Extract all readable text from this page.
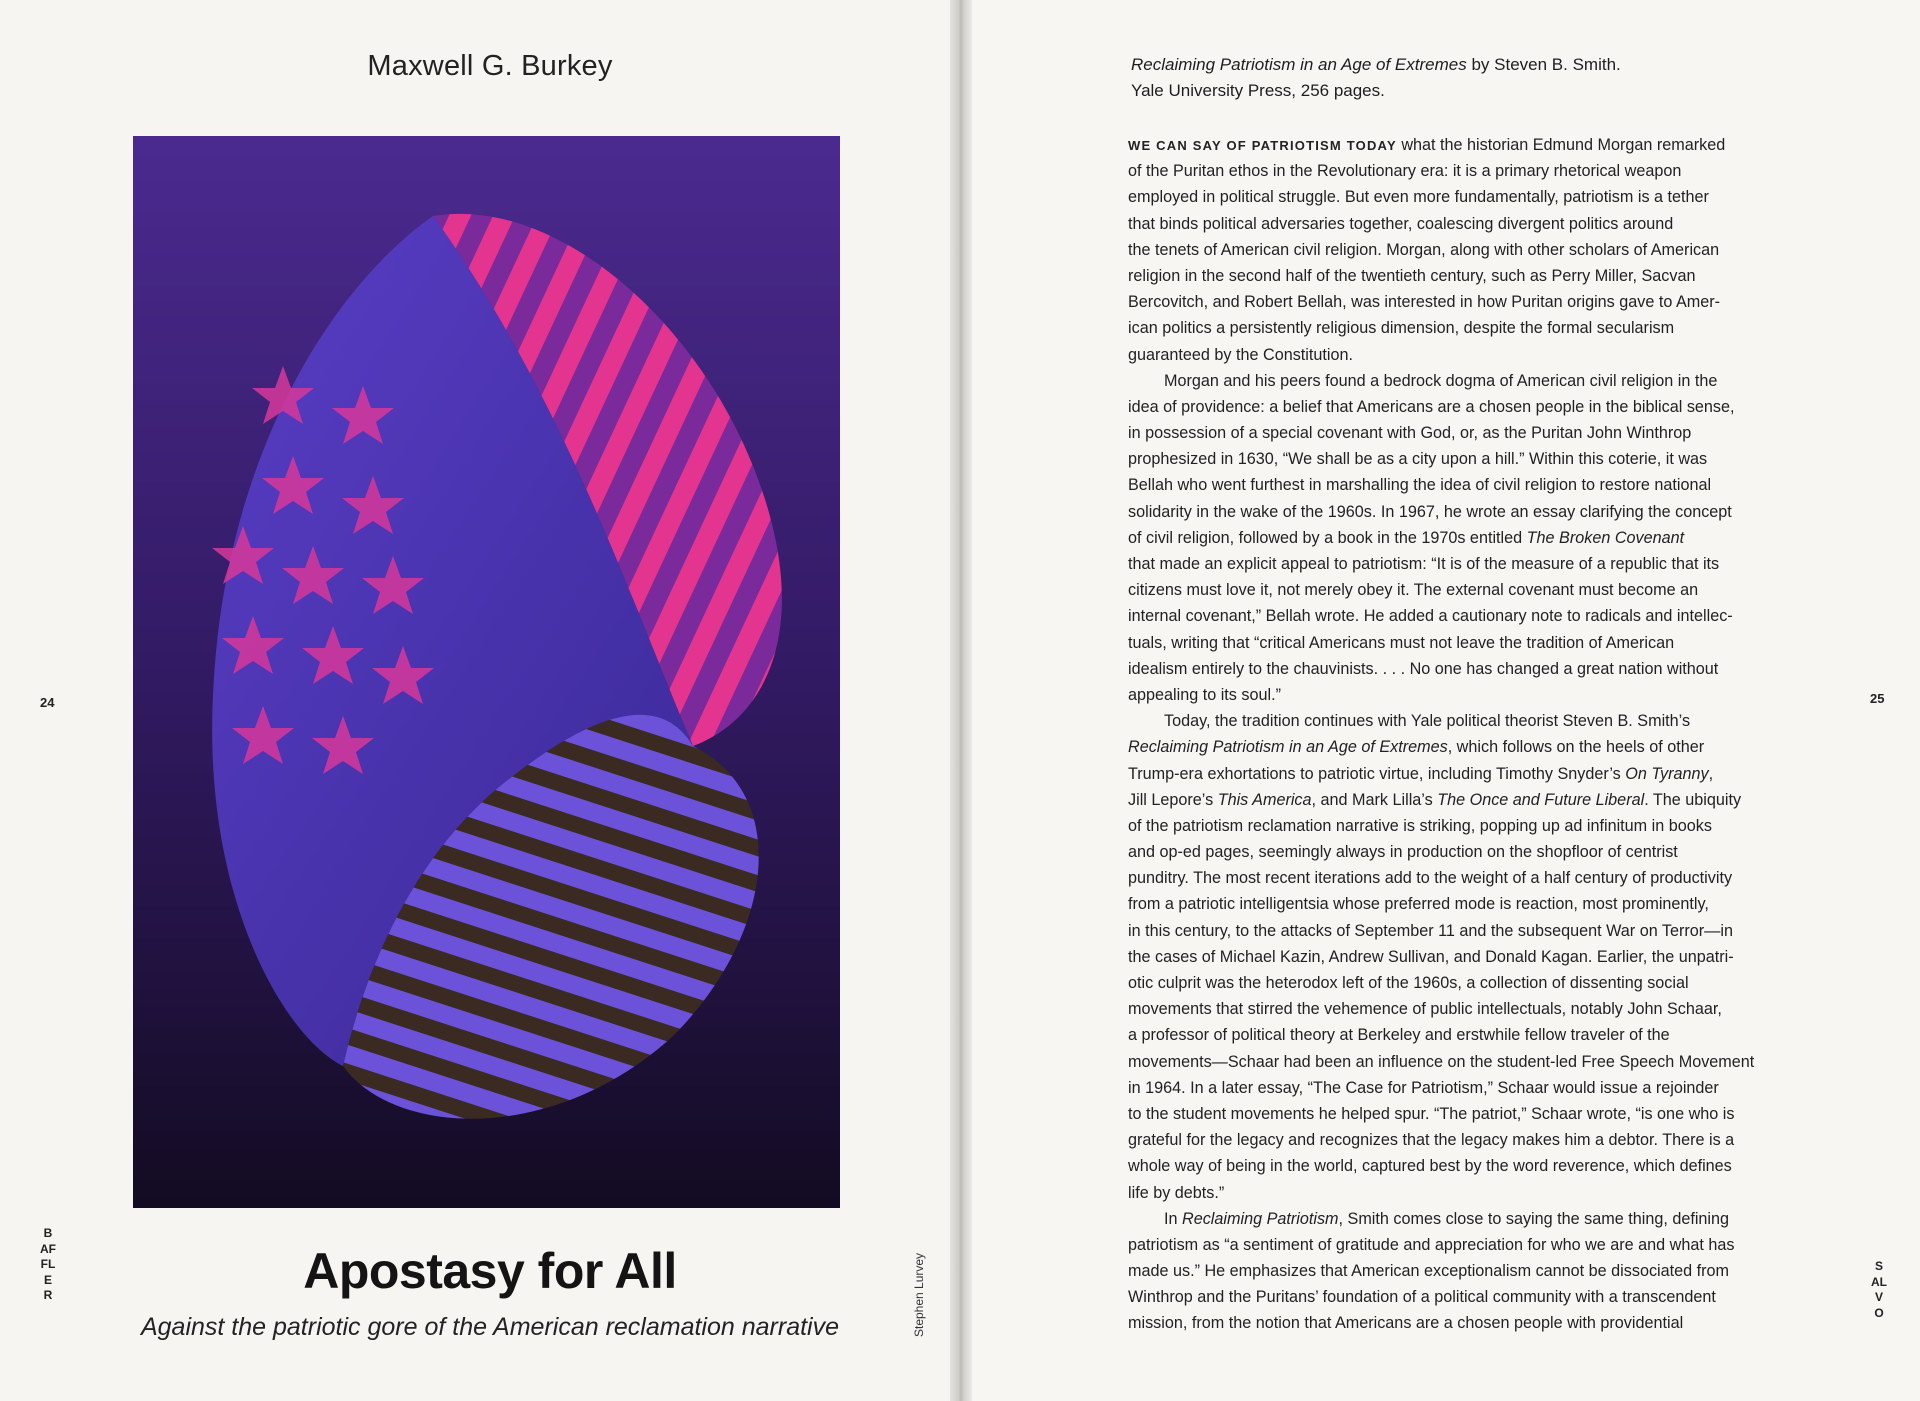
Maxwell G. Burkey
24
BAFFLER	Stephen Lurvey
Apostasy for All
Against the patriotic gore of the American reclamation narrative
Reclaiming Patriotism in an Age of Extremes by Steven B. Smith.
Yale University Press, 256 pages.
WE CAN SAY OF PATRIOTISM TODAY what the historian Edmund Morgan remarked
of the Puritan ethos in the Revolutionary era: it is a primary rhetorical weapon
employed in political struggle. But even more fundamentally, patriotism is a tether
that binds political adversaries together, coalescing divergent politics around
the tenets of American civil religion. Morgan, along with other scholars of American
religion in the second half of the twentieth century, such as Perry Miller, Sacvan
Bercovitch, and Robert Bellah, was interested in how Puritan origins gave to Amer-
ican politics a persistently religious dimension, despite the formal secularism
guaranteed by the Constitution.
Morgan and his peers found a bedrock dogma of American civil religion in the
idea of providence: a belief that Americans are a chosen people in the biblical sense,
in possession of a special covenant with God, or, as the Puritan John Winthrop
prophesized in 1630, “We shall be as a city upon a hill.” Within this coterie, it was
Bellah who went furthest in marshalling the idea of civil religion to restore national
solidarity in the wake of the 1960s. In 1967, he wrote an essay clarifying the concept
of civil religion, followed by a book in the 1970s entitled The Broken Covenant
that made an explicit appeal to patriotism: “It is of the measure of a republic that its
citizens must love it, not merely obey it. The external covenant must become an
internal covenant,” Bellah wrote. He added a cautionary note to radicals and intellec-
tuals, writing that “critical Americans must not leave the tradition of American
idealism entirely to the chauvinists. . . . No one has changed a great nation without
appealing to its soul.”
Today, the tradition continues with Yale political theorist Steven B. Smith’s
Reclaiming Patriotism in an Age of Extremes, which follows on the heels of other
Trump-era exhortations to patriotic virtue, including Timothy Snyder’s On Tyranny,
Jill Lepore’s This America, and Mark Lilla’s The Once and Future Liberal. The ubiquity
of the patriotism reclamation narrative is striking, popping up ad infinitum in books
and op-ed pages, seemingly always in production on the shopfloor of centrist
punditry. The most recent iterations add to the weight of a half century of productivity
from a patriotic intelligentsia whose preferred mode is reaction, most prominently,
in this century, to the attacks of September 11 and the subsequent War on Terror—in
the cases of Michael Kazin, Andrew Sullivan, and Donald Kagan. Earlier, the unpatri-
otic culprit was the heterodox left of the 1960s, a collection of dissenting social
movements that stirred the vehemence of public intellectuals, notably John Schaar,
a professor of political theory at Berkeley and erstwhile fellow traveler of the
movements—Schaar had been an influence on the student-led Free Speech Movement
in 1964. In a later essay, “The Case for Patriotism,” Schaar would issue a rejoinder
to the student movements he helped spur. “The patriot,” Schaar wrote, “is one who is
grateful for the legacy and recognizes that the legacy makes him a debtor. There is a
whole way of being in the world, captured best by the word reverence, which defines
life by debts.”
In Reclaiming Patriotism, Smith comes close to saying the same thing, defining
patriotism as “a sentiment of gratitude and appreciation for who we are and what has
made us.” He emphasizes that American exceptionalism cannot be dissociated from
Winthrop and the Puritans’ foundation of a political community with a transcendent
mission, from the notion that Americans are a chosen people with providential
25
SALVO
